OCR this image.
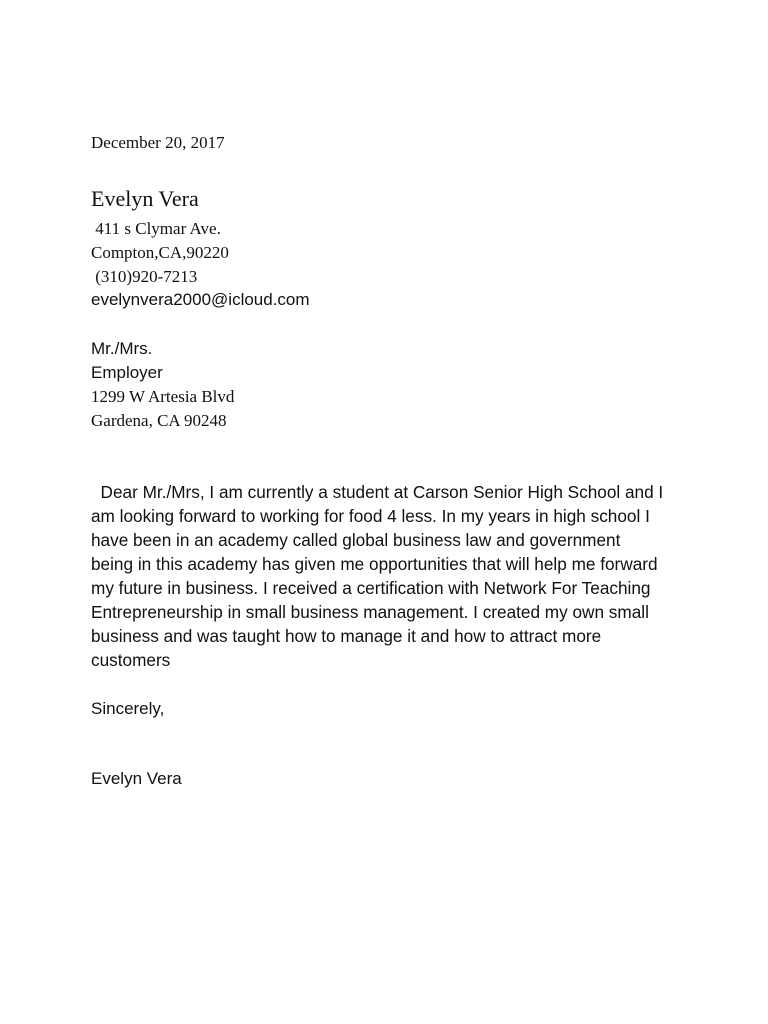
December 20, 2017
Evelyn Vera
411 s Clymar Ave.
Compton,CA,90220
(310)920-7213
evelynvera2000@icloud.com
Mr./Mrs.
Employer
1299 W Artesia Blvd
Gardena, CA 90248
Dear Mr./Mrs, I am currently a student at Carson Senior High School and I
am looking forward to working for food 4 less. In my years in high school I
have been in an academy called global business law and government
being in this academy has given me opportunities that will help me forward
my future in business. I received a certification with Network For Teaching
Entrepreneurship in small business management. I created my own small
business and was taught how to manage it and how to attract more
customers
Sincerely,
Evelyn Vera
